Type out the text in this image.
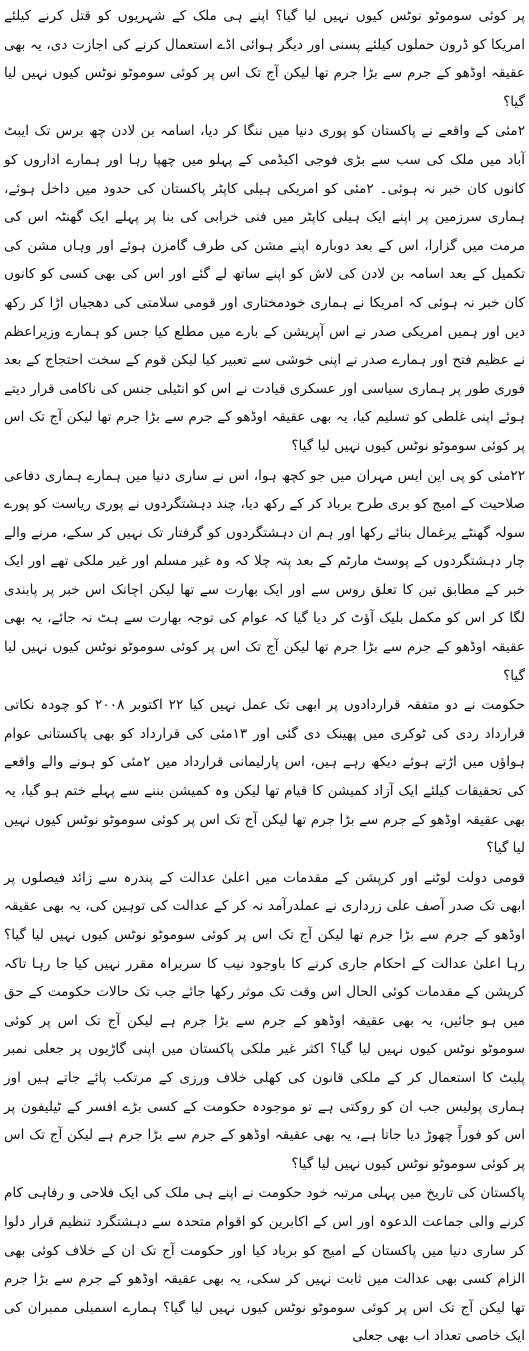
پر کوئی سوموٹو نوٹس کیوں نہیں لیا گیا؟ اپنے ہی ملک کے شہریوں کو قتل کرنے کیلئے امریکا کو ڈرون حملوں کیلئے پسنی اور دیگر ہوائی اڈے استعمال کرنے کی اجازت دی، یہ بھی عقیقہ اوڈھو کے جرم سے بڑا جرم تھا لیکن آج تک اس پر کوئی سوموٹو نوٹس کیوں نہیں لیا گیا؟

۲مئی کے واقعے نے پاکستان کو پوری دنیا میں ننگا کر دیا، اسامہ بن لادن چھ برس تک ایبٹ آباد میں ملک کی سب سے بڑی فوجی اکیڈمی کے پہلو میں چھپا رہا اور ہمارے اداروں کو کانوں کان خبر نہ ہوئی۔ ۲مئی کو امریکی ہیلی کاپٹر پاکستان کی حدود میں داخل ہوئے، ہماری سرزمین پر اپنے ایک ہیلی کاپٹر میں فنی خرابی کی بنا پر پہلے ایک گھنٹہ اس کی مرمت میں گزارا، اس کے بعد دوبارہ اپنے مشن کی طرف گامزن ہوئے اور وہاں مشن کی تکمیل کے بعد اسامہ بن لادن کی لاش کو اپنے ساتھ لے گئے اور اس کی بھی کسی کو کانوں کان خبر نہ ہوئی کہ امریکا نے ہماری خودمختاری اور قومی سلامتی کی دھجیاں اڑا کر رکھ دیں اور ہمیں امریکی صدر نے اس آپریشن کے بارے میں مطلع کیا جس کو ہمارے وزیراعظم نے عظیم فتح اور ہمارے صدر نے اپنی خوشی سے تعبیر کیا لیکن قوم کے سخت احتجاج کے بعد فوری طور پر ہماری سیاسی اور عسکری قیادت نے اس کو انٹیلی جنس کی ناکامی قرار دیتے ہوئے اپنی غلطی کو تسلیم کیا، یہ بھی عقیقہ اوڈھو کے جرم سے بڑا جرم تھا لیکن آج تک اس پر کوئی سوموٹو نوٹس کیوں نہیں لیا گیا؟

۲۲مئی کو پی این ایس مہران میں جو کچھ ہوا، اس نے ساری دنیا میں ہمارے ہماری دفاعی صلاحیت کے امیج کو بری طرح برباد کر کے رکھ دیا، چند دہشتگردوں نے پوری ریاست کو پورے سولہ گھنٹے یرغمال بنائے رکھا اور ہم ان دہشتگردوں کو گرفتار تک نہیں کر سکے، مرنے والے چار دہشتگردوں کے پوسٹ مارٹم کے بعد پتہ چلا کہ وہ غیر مسلم اور غیر ملکی تھے اور ایک خبر کے مطابق تین کا تعلق روس سے اور ایک بھارت سے تھا لیکن اچانک اس خبر پر پابندی لگا کر اس کو مکمل بلیک آؤٹ کر دیا گیا کہ عوام کی توجہ بھارت سے ہٹ نہ جائے، یہ بھی عقیقہ اوڈھو کے جرم سے بڑا جرم تھا لیکن آج تک اس پر کوئی سوموٹو نوٹس کیوں نہیں لیا گیا؟

حکومت نے دو متفقہ قراردادوں پر ابھی تک عمل نہیں کیا ۲۲ اکتوبر ۲۰۰۸ کو چودہ نکاتی قرارداد ردی کی ٹوکری میں پھینک دی گئی اور ۱۳مئی کی قرارداد کو بھی پاکستانی عوام ہواؤں میں اڑتے ہوئے دیکھ رہے ہیں، اس پارلیمانی قرارداد میں ۲مئی کو ہونے والے واقعے کی تحقیقات کیلئے ایک آزاد کمیشن کا قیام تھا لیکن وہ کمیشن بننے سے پہلے ختم ہو گیا، یہ بھی عقیقہ اوڈھو کے جرم سے بڑا جرم تھا لیکن آج تک اس پر کوئی سوموٹو نوٹس کیوں نہیں لیا گیا؟

قومی دولت لوٹنے اور کرپشن کے مقدمات میں اعلیٰ عدالت کے پندرہ سے زائد فیصلوں پر ابھی تک صدر آصف علی زرداری نے عملدرآمد نہ کر کے عدالت کی توہین کی، یہ بھی عقیقہ اوڈھو کے جرم سے بڑا جرم تھا لیکن آج تک اس پر کوئی سوموٹو نوٹس کیوں نہیں لیا گیا؟ رہا اعلیٰ عدالت کے احکام جاری کرنے کا باوجود نیب کا سربراہ مقرر نہیں کیا جا رہا تاکہ کرپشن کے مقدمات کوئی الحال اس وقت تک موثر رکھا جائے جب تک حالات حکومت کے حق میں ہو جائیں، یہ بھی عقیقہ اوڈھو کے جرم سے بڑا جرم ہے لیکن آج تک اس پر کوئی سوموٹو نوٹس کیوں نہیں لیا گیا؟ اکثر غیر ملکی پاکستان میں اپنی گاڑیوں پر جعلی نمبر پلیٹ کا استعمال کر کے ملکی قانون کی کھلی خلاف ورزی کے مرتکب پائے جاتے ہیں اور ہماری پولیس جب ان کو روکتی ہے تو موجودہ حکومت کے کسی بڑے افسر کے ٹیلیفون پر اس کو فوراً چھوڑ دیا جاتا ہے، یہ بھی عقیقہ اوڈھو کے جرم سے بڑا جرم ہے لیکن آج تک اس پر کوئی سوموٹو نوٹس کیوں نہیں لیا گیا؟

پاکستان کی تاریخ میں پہلی مرتبہ خود حکومت نے اپنے ہی ملک کی ایک فلاحی و رفاہی کام کرنے والی جماعت الدعوہ اور اس کے اکابرین کو اقوام متحدہ سے دہشتگرد تنظیم قرار دلوا کر ساری دنیا میں پاکستان کے امیج کو برباد کیا اور حکومت آج تک ان کے خلاف کوئی بھی الزام کسی بھی عدالت میں ثابت نہیں کر سکی، یہ بھی عقیقہ اوڈھو کے جرم سے بڑا جرم تھا لیکن آج تک اس پر کوئی سوموٹو نوٹس کیوں نہیں لیا گیا؟ ہمارے اسمبلی ممبران کی ایک خاصی تعداد اب بھی جعلی
